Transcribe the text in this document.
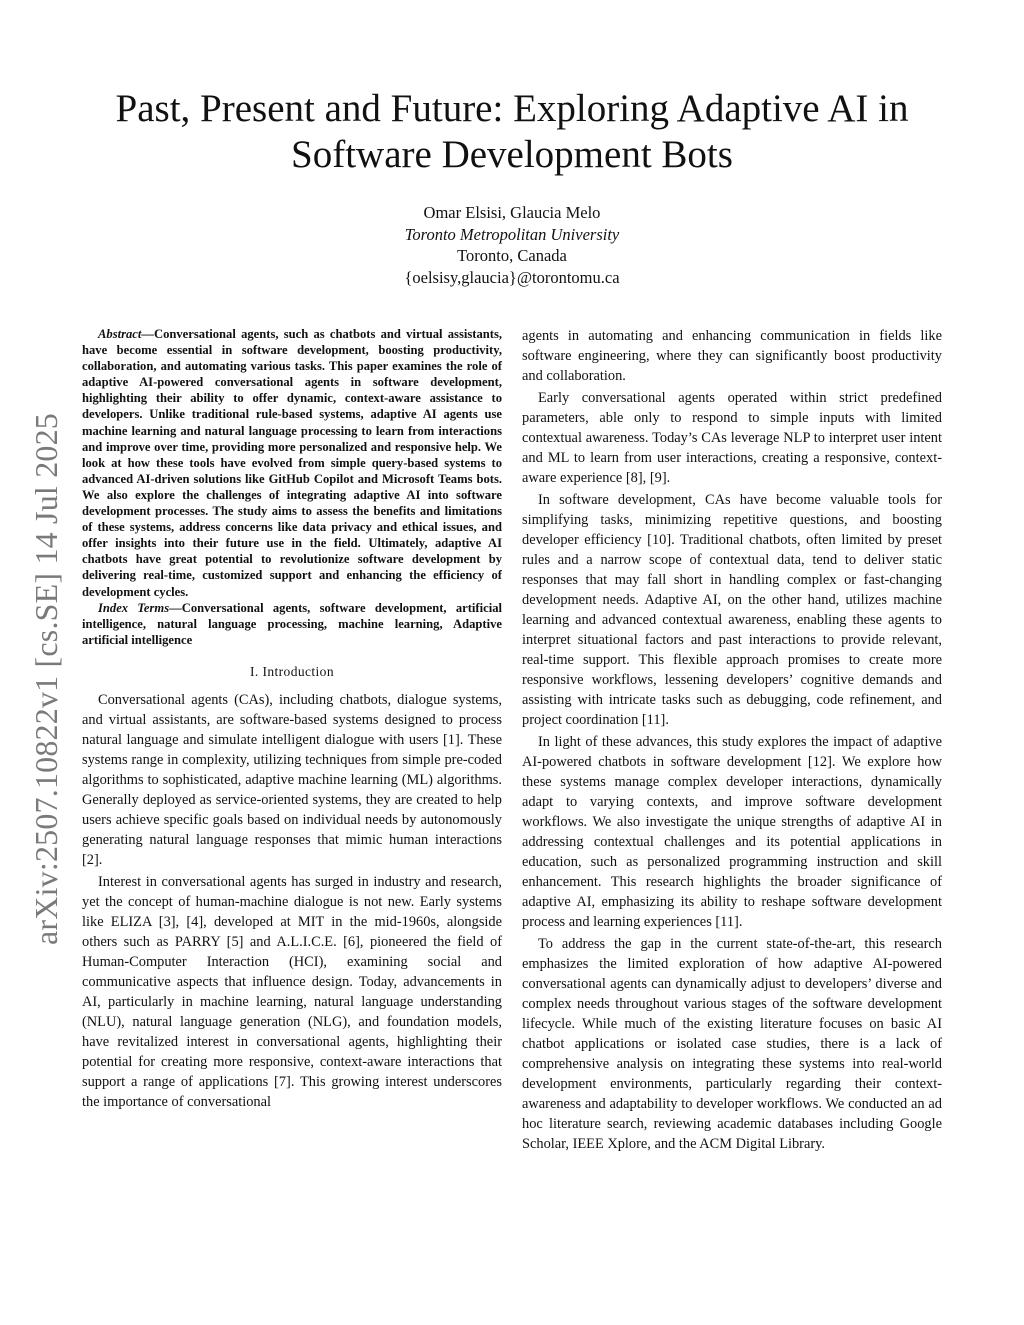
arXiv:2507.10822v1 [cs.SE] 14 Jul 2025
Past, Present and Future: Exploring Adaptive AI in Software Development Bots
Omar Elsisi, Glaucia Melo
Toronto Metropolitan University
Toronto, Canada
{oelsisy,glaucia}@torontomu.ca

Abstract—Conversational agents, such as chatbots and virtual assistants, have become essential in software development, boosting productivity, collaboration, and automating various tasks. This paper examines the role of adaptive AI-powered conversational agents in software development, highlighting their ability to offer dynamic, context-aware assistance to developers. Unlike traditional rule-based systems, adaptive AI agents use machine learning and natural language processing to learn from interactions and improve over time, providing more personalized and responsive help. We look at how these tools have evolved from simple query-based systems to advanced AI-driven solutions like GitHub Copilot and Microsoft Teams bots. We also explore the challenges of integrating adaptive AI into software development processes. The study aims to assess the benefits and limitations of these systems, address concerns like data privacy and ethical issues, and offer insights into their future use in the field. Ultimately, adaptive AI chatbots have great potential to revolutionize software development by delivering real-time, customized support and enhancing the efficiency of development cycles.

Index Terms—Conversational agents, software development, artificial intelligence, natural language processing, machine learning, Adaptive artificial intelligence

I. Introduction

Conversational agents (CAs), including chatbots, dialogue systems, and virtual assistants, are software-based systems designed to process natural language and simulate intelligent dialogue with users [1]. These systems range in complexity, utilizing techniques from simple pre-coded algorithms to sophisticated, adaptive machine learning (ML) algorithms. Generally deployed as service-oriented systems, they are created to help users achieve specific goals based on individual needs by autonomously generating natural language responses that mimic human interactions [2].

Interest in conversational agents has surged in industry and research, yet the concept of human-machine dialogue is not new. Early systems like ELIZA [3], [4], developed at MIT in the mid-1960s, alongside others such as PARRY [5] and A.L.I.C.E. [6], pioneered the field of Human-Computer Interaction (HCI), examining social and communicative aspects that influence design. Today, advancements in AI, particularly in machine learning, natural language understanding (NLU), natural language generation (NLG), and foundation models, have revitalized interest in conversational agents, highlighting their potential for creating more responsive, context-aware interactions that support a range of applications [7]. This growing interest underscores the importance of conversational

agents in automating and enhancing communication in fields like software engineering, where they can significantly boost productivity and collaboration.

Early conversational agents operated within strict predefined parameters, able only to respond to simple inputs with limited contextual awareness. Today’s CAs leverage NLP to interpret user intent and ML to learn from user interactions, creating a responsive, context-aware experience [8], [9].

In software development, CAs have become valuable tools for simplifying tasks, minimizing repetitive questions, and boosting developer efficiency [10]. Traditional chatbots, often limited by preset rules and a narrow scope of contextual data, tend to deliver static responses that may fall short in handling complex or fast-changing development needs. Adaptive AI, on the other hand, utilizes machine learning and advanced contextual awareness, enabling these agents to interpret situational factors and past interactions to provide relevant, real-time support. This flexible approach promises to create more responsive workflows, lessening developers’ cognitive demands and assisting with intricate tasks such as debugging, code refinement, and project coordination [11].

In light of these advances, this study explores the impact of adaptive AI-powered chatbots in software development [12]. We explore how these systems manage complex developer interactions, dynamically adapt to varying contexts, and improve software development workflows. We also investigate the unique strengths of adaptive AI in addressing contextual challenges and its potential applications in education, such as personalized programming instruction and skill enhancement. This research highlights the broader significance of adaptive AI, emphasizing its ability to reshape software development process and learning experiences [11].

To address the gap in the current state-of-the-art, this research emphasizes the limited exploration of how adaptive AI-powered conversational agents can dynamically adjust to developers’ diverse and complex needs throughout various stages of the software development lifecycle. While much of the existing literature focuses on basic AI chatbot applications or isolated case studies, there is a lack of comprehensive analysis on integrating these systems into real-world development environments, particularly regarding their context-awareness and adaptability to developer workflows. We conducted an ad hoc literature search, reviewing academic databases including Google Scholar, IEEE Xplore, and the ACM Digital Library.
